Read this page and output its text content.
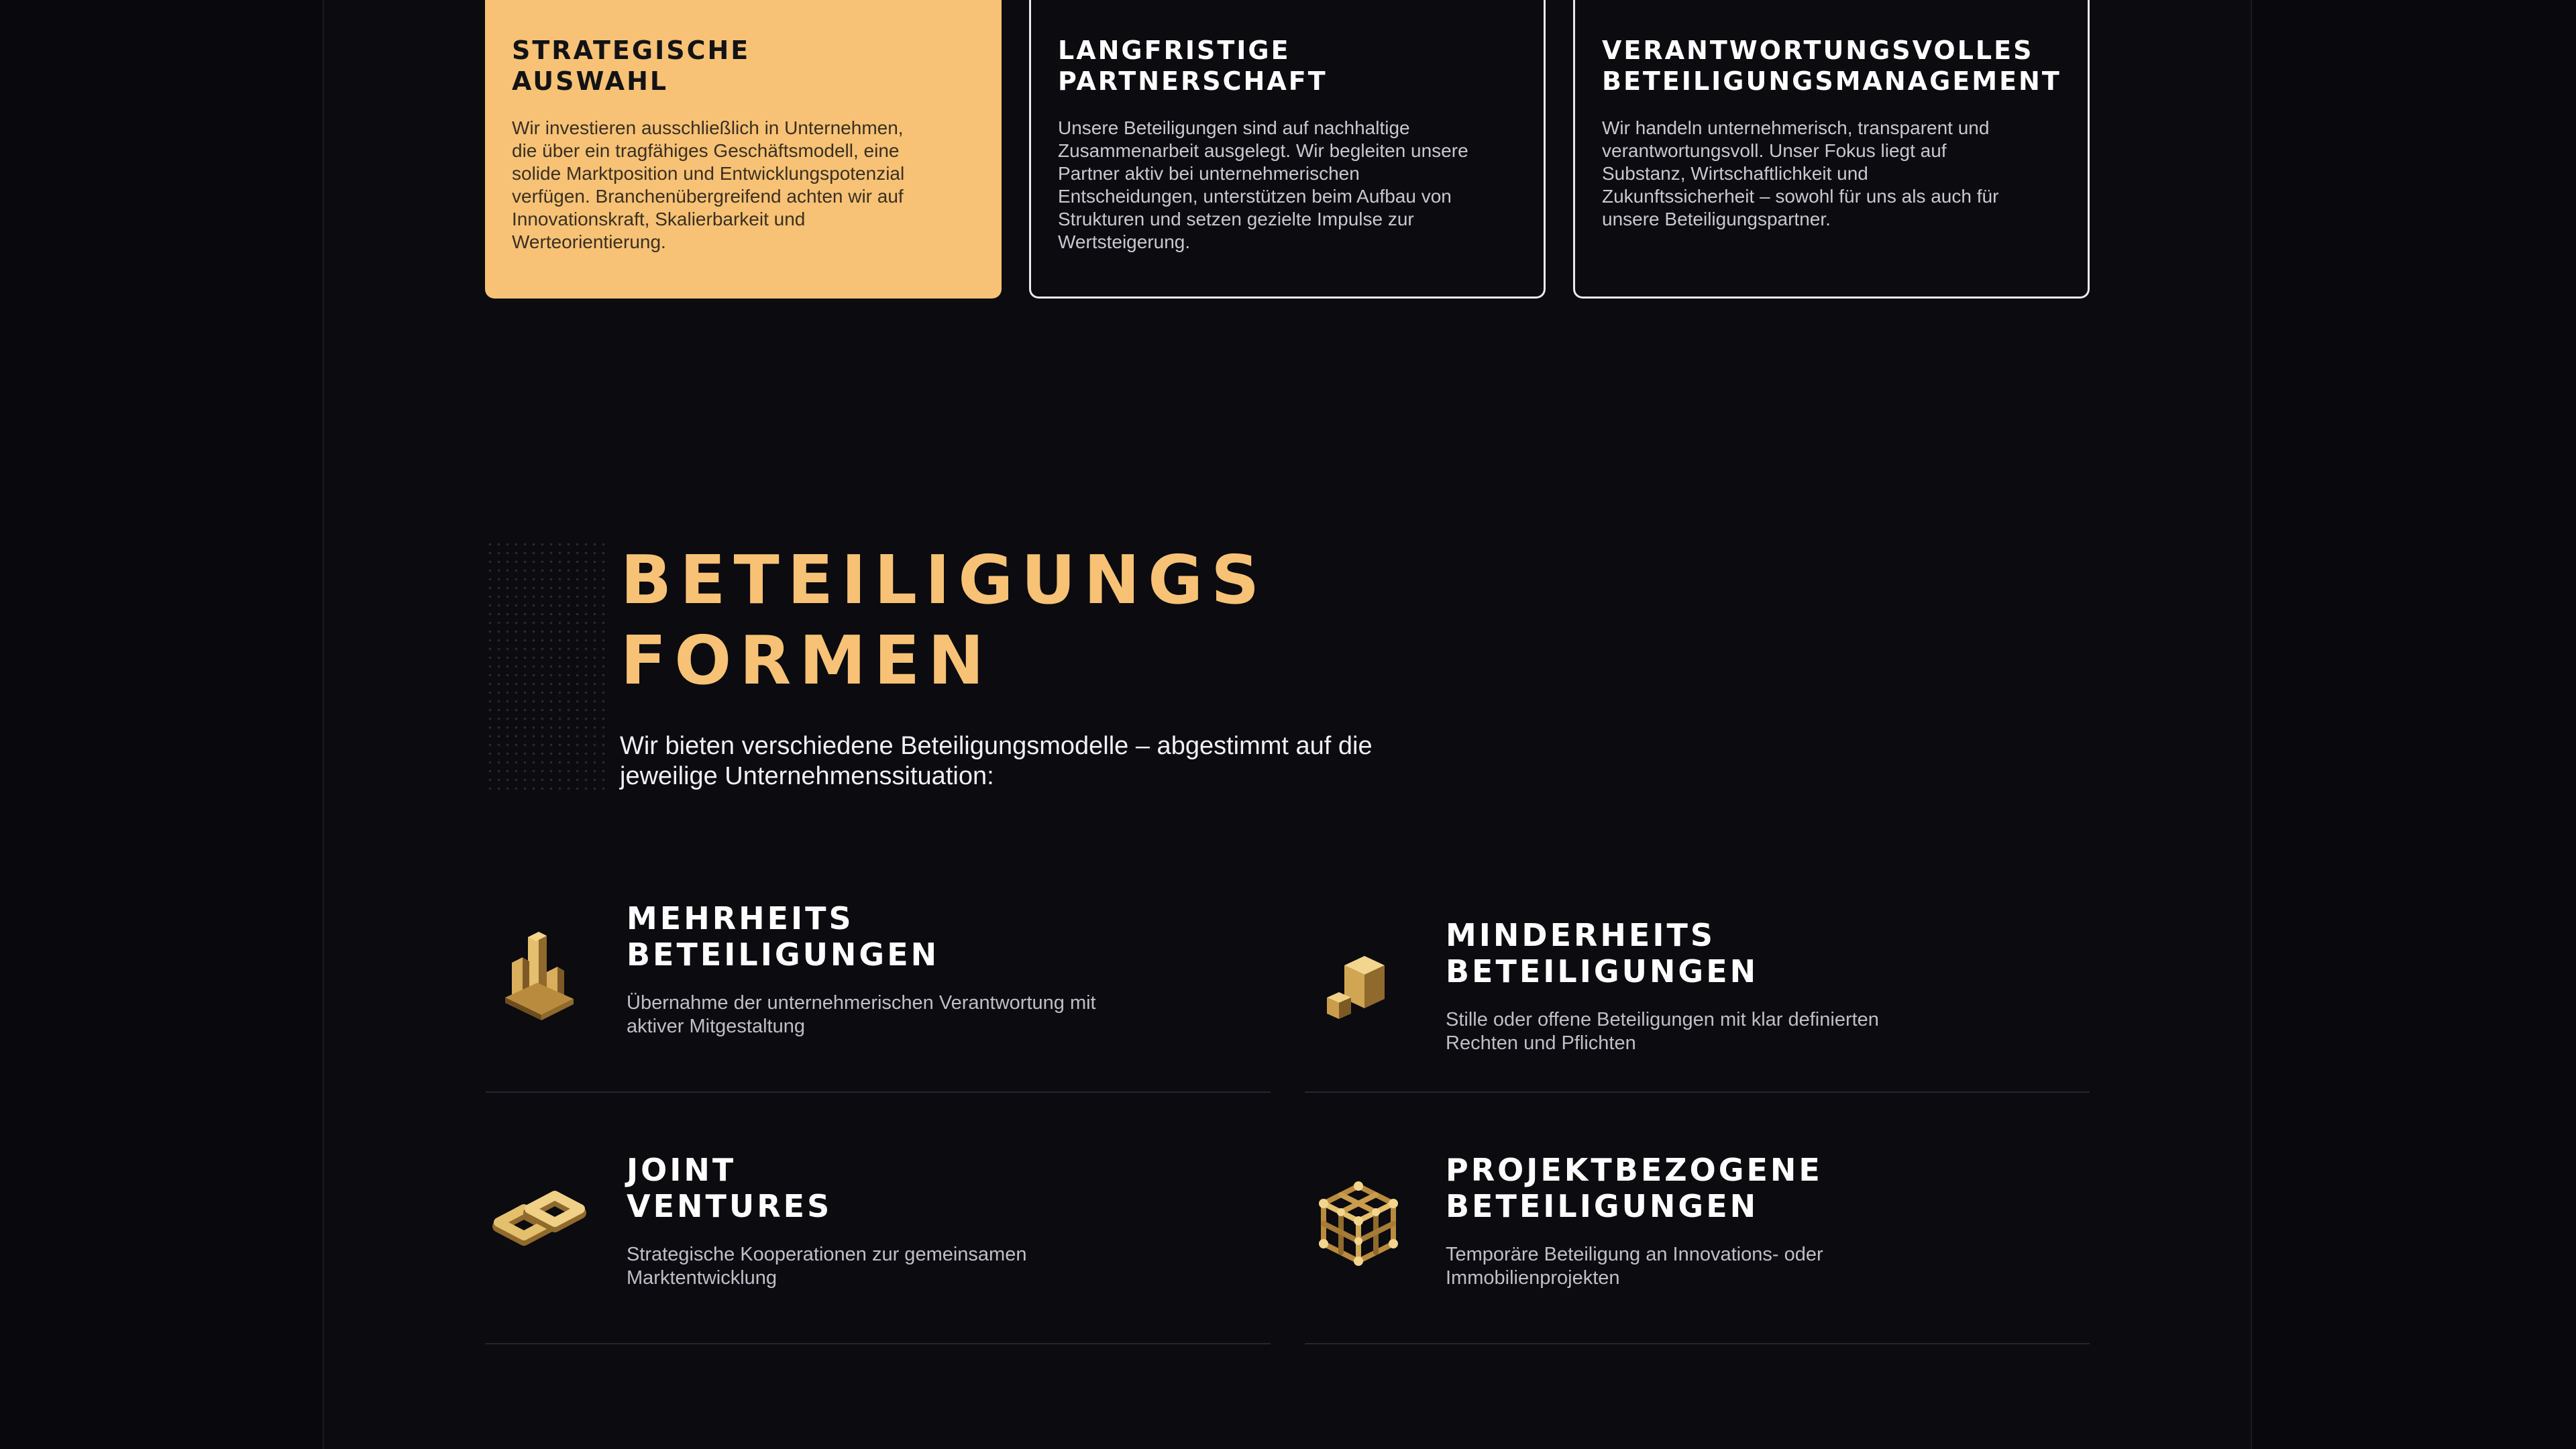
STRATEGISCHE
AUSWAHL
Wir investieren ausschließlich in Unternehmen, die über ein tragfähiges Geschäftsmodell, eine solide Marktposition und Entwicklungspotenzial verfügen. Branchenübergreifend achten wir auf Innovationskraft, Skalierbarkeit und Werteorientierung.
LANGFRISTIGE
PARTNERSCHAFT
Unsere Beteiligungen sind auf nachhaltige Zusammenarbeit ausgelegt. Wir begleiten unsere Partner aktiv bei unternehmerischen Entscheidungen, unterstützen beim Aufbau von Strukturen und setzen gezielte Impulse zur Wertsteigerung.
VERANTWORTUNGSVOLLES
BETEILIGUNGSMANAGEMENT
Wir handeln unternehmerisch, transparent und verantwortungsvoll. Unser Fokus liegt auf Substanz, Wirtschaftlichkeit und Zukunftssicherheit – sowohl für uns als auch für unsere Beteiligungspartner.
BETEILIGUNGS
FORMEN
Wir bieten verschiedene Beteiligungsmodelle – abgestimmt auf die jeweilige Unternehmenssituation:
MEHRHEITS
BETEILIGUNGEN
Übernahme der unternehmerischen Verantwortung mit aktiver Mitgestaltung
MINDERHEITS
BETEILIGUNGEN
Stille oder offene Beteiligungen mit klar definierten Rechten und Pflichten
JOINT
VENTURES
Strategische Kooperationen zur gemeinsamen Marktentwicklung
PROJEKTBEZOGENE
BETEILIGUNGEN
Temporäre Beteiligung an Innovations- oder Immobilienprojekten
